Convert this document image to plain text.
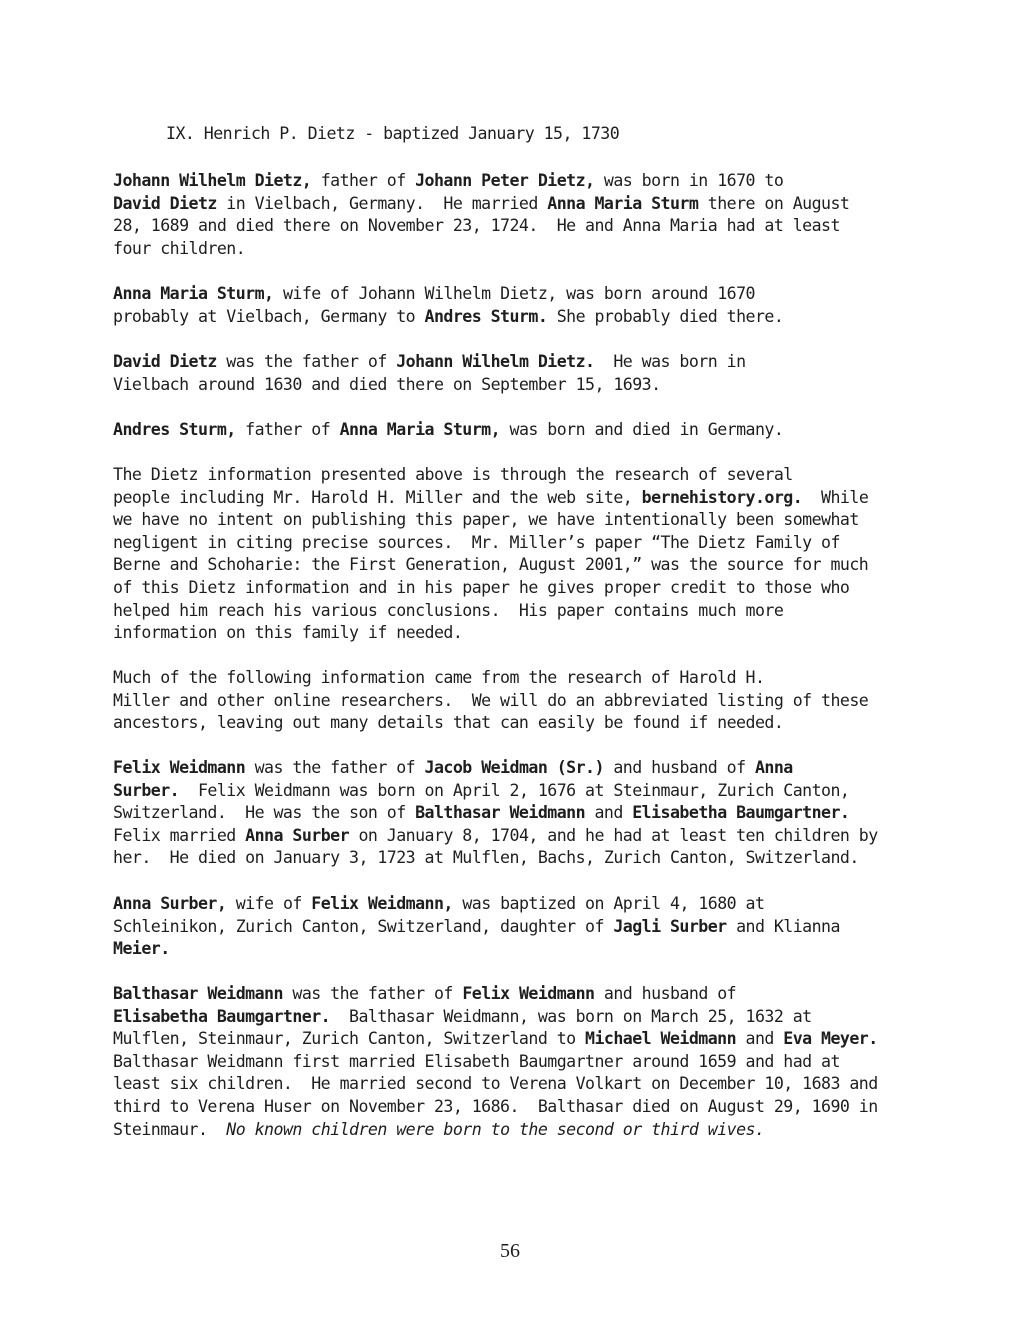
IX. Henrich P. Dietz - baptized January 15, 1730

Johann Wilhelm Dietz, father of Johann Peter Dietz, was born in 1670 to

David Dietz in Vielbach, Germany.  He married Anna Maria Sturm there on August

28, 1689 and died there on November 23, 1724.  He and Anna Maria had at least

four children.

Anna Maria Sturm, wife of Johann Wilhelm Dietz, was born around 1670

probably at Vielbach, Germany to Andres Sturm. She probably died there.

David Dietz was the father of Johann Wilhelm Dietz.  He was born in

Vielbach around 1630 and died there on September 15, 1693.

Andres Sturm, father of Anna Maria Sturm, was born and died in Germany.

The Dietz information presented above is through the research of several

people including Mr. Harold H. Miller and the web site, bernehistory.org.  While

we have no intent on publishing this paper, we have intentionally been somewhat

negligent in citing precise sources.  Mr. Miller’s paper “The Dietz Family of

Berne and Schoharie: the First Generation, August 2001,” was the source for much

of this Dietz information and in his paper he gives proper credit to those who

helped him reach his various conclusions.  His paper contains much more

information on this family if needed.

Much of the following information came from the research of Harold H.

Miller and other online researchers.  We will do an abbreviated listing of these

ancestors, leaving out many details that can easily be found if needed.

Felix Weidmann was the father of Jacob Weidman (Sr.) and husband of Anna

Surber.  Felix Weidmann was born on April 2, 1676 at Steinmaur, Zurich Canton,

Switzerland.  He was the son of Balthasar Weidmann and Elisabetha Baumgartner.

Felix married Anna Surber on January 8, 1704, and he had at least ten children by

her.  He died on January 3, 1723 at Mulflen, Bachs, Zurich Canton, Switzerland.

Anna Surber, wife of Felix Weidmann, was baptized on April 4, 1680 at

Schleinikon, Zurich Canton, Switzerland, daughter of Jagli Surber and Klianna

Meier.

Balthasar Weidmann was the father of Felix Weidmann and husband of

Elisabetha Baumgartner.  Balthasar Weidmann, was born on March 25, 1632 at

Mulflen, Steinmaur, Zurich Canton, Switzerland to Michael Weidmann and Eva Meyer.

Balthasar Weidmann first married Elisabeth Baumgartner around 1659 and had at

least six children.  He married second to Verena Volkart on December 10, 1683 and

third to Verena Huser on November 23, 1686.  Balthasar died on August 29, 1690 in

Steinmaur.  No known children were born to the second or third wives.

56
